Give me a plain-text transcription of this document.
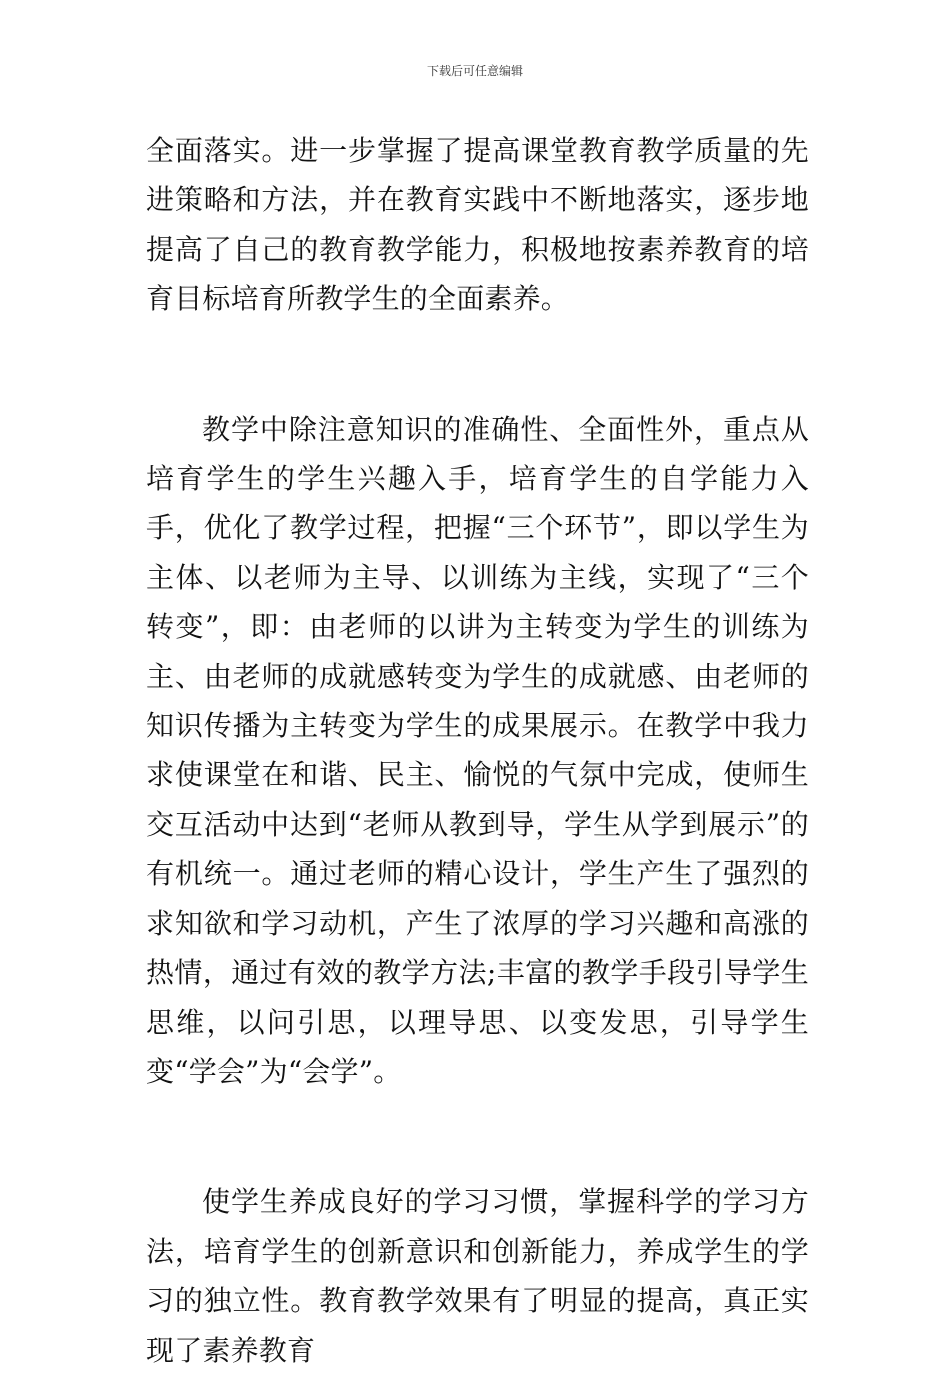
下载后可任意编辑

全面落实。进一步掌握了提高课堂教育教学质量的先进策略和方法，并在教育实践中不断地落实，逐步地提高了自己的教育教学能力，积极地按素养教育的培育目标培育所教学生的全面素养。

教学中除注意知识的准确性、全面性外，重点从培育学生的学生兴趣入手，培育学生的自学能力入手，优化了教学过程，把握“三个环节”，即以学生为主体、以老师为主导、以训练为主线，实现了“三个转变”，即：由老师的以讲为主转变为学生的训练为主、由老师的成就感转变为学生的成就感、由老师的知识传播为主转变为学生的成果展示。在教学中我力求使课堂在和谐、民主、愉悦的气氛中完成，使师生交互活动中达到“老师从教到导，学生从学到展示”的有机统一。通过老师的精心设计，学生产生了强烈的求知欲和学习动机，产生了浓厚的学习兴趣和高涨的热情，通过有效的教学方法;丰富的教学手段引导学生思维，以问引思，以理导思、以变发思，引导学生变“学会”为“会学”。

使学生养成良好的学习习惯，掌握科学的学习方法，培育学生的创新意识和创新能力，养成学生的学习的独立性。教育教学效果有了明显的提高，真正实现了素养教育
